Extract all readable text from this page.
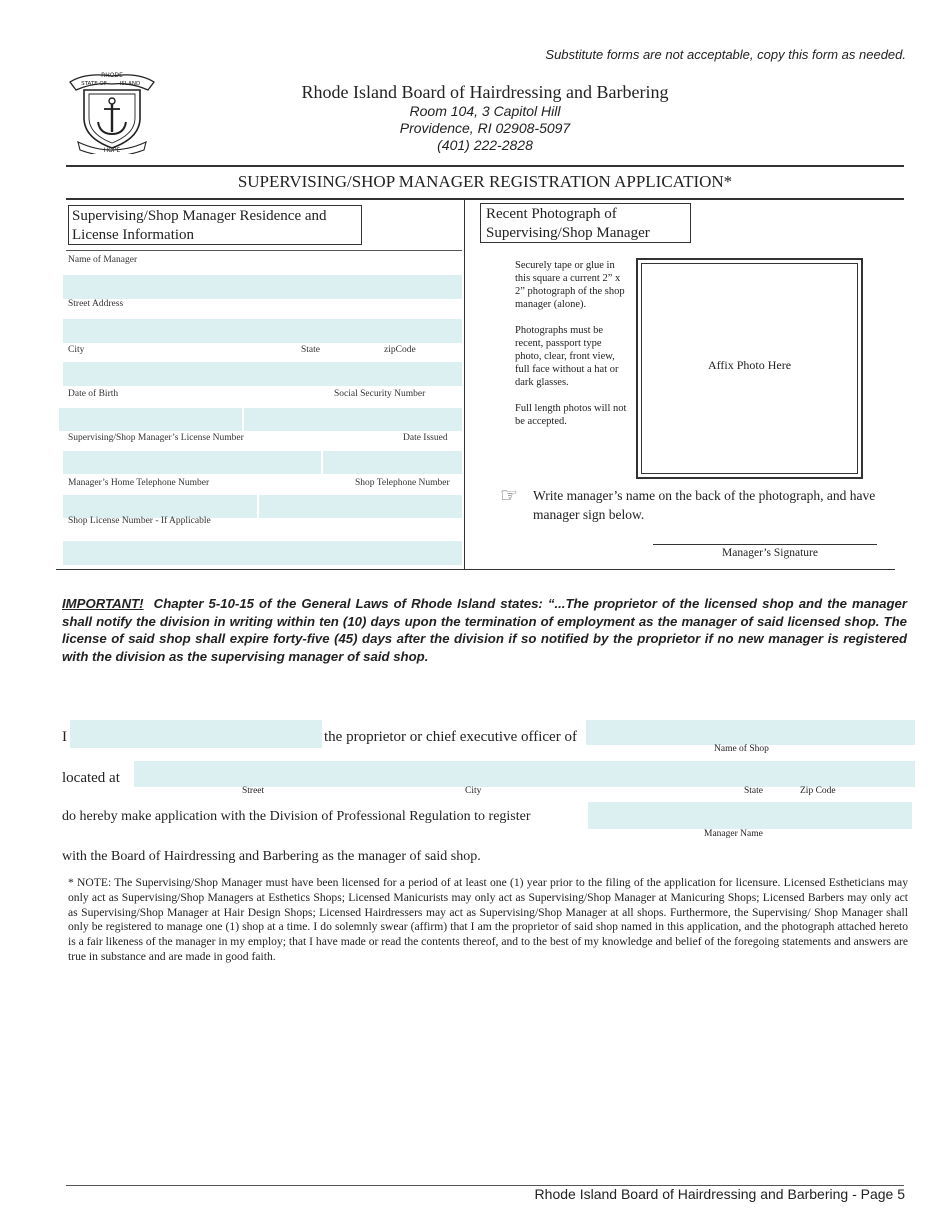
Substitute forms are not acceptable, copy this form as needed.
RHODE
STATE OF ISLAND
HOPE
Rhode Island Board of Hairdressing and Barbering
Room 104, 3 Capitol Hill
Providence, RI 02908-5097
(401) 222-2828
SUPERVISING/SHOP MANAGER REGISTRATION APPLICATION*
Supervising/Shop Manager Residence and
License Information
Name of Manager
Street Address
City	State	zipCode
Date of Birth	Social Security Number
Supervising/Shop Manager’s License Number	Date Issued
Manager’s Home Telephone Number	Shop Telephone Number
Shop License Number - If Applicable
Recent Photograph of
Supervising/Shop Manager
Securely tape or glue in this square a current 2” x 2” photograph of the shop manager (alone).
Photographs must be recent, passport type photo, clear, front view, full face without a hat or dark glasses.
Full length photos will not be accepted.
Affix Photo Here
☞ Write manager’s name on the back of the photograph, and have manager sign below.
Manager’s Signature
IMPORTANT! Chapter 5-10-15 of the General Laws of Rhode Island states: “...The proprietor of the licensed shop and the manager shall notify the division in writing within ten (10) days upon the termination of employment as the manager of said licensed shop. The license of said shop shall expire forty-five (45) days after the division if so notified by the proprietor if no new manager is registered with the division as the supervising manager of said shop.
I	the proprietor or chief executive officer of
Name of Shop
located at
Street	City	State	Zip Code
do hereby make application with the Division of Professional Regulation to register
Manager Name
with the Board of Hairdressing and Barbering as the manager of said shop.
* NOTE: The Supervising/Shop Manager must have been licensed for a period of at least one (1) year prior to the filing of the application for licensure. Licensed Estheticians may only act as Supervising/Shop Managers at Esthetics Shops; Licensed Manicurists may only act as Supervising/Shop Manager at Manicuring Shops; Licensed Barbers may only act as Supervising/Shop Manager at Hair Design Shops; Licensed Hairdressers may act as Supervising/Shop Manager at all shops. Furthermore, the Supervising/ Shop Manager shall only be registered to manage one (1) shop at a time. I do solemnly swear (affirm) that I am the proprietor of said shop named in this application, and the photograph attached hereto is a fair likeness of the manager in my employ; that I have made or read the contents thereof, and to the best of my knowledge and belief of the foregoing statements and answers are true in substance and are made in good faith.
Rhode Island Board of Hairdressing and Barbering - Page 5
